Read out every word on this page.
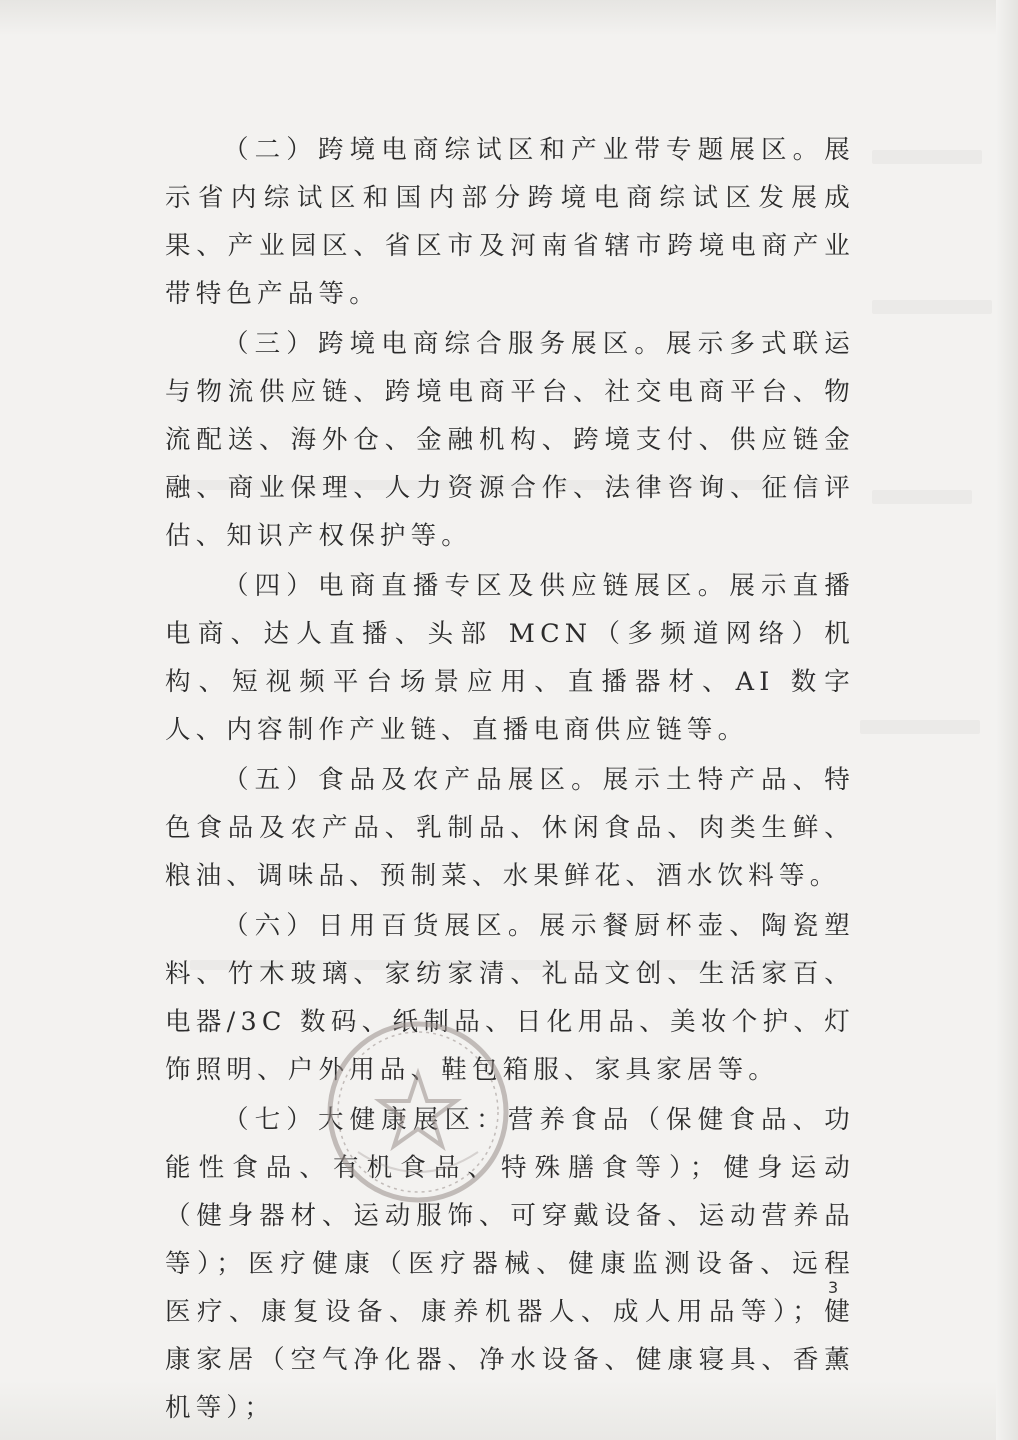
（二）跨境电商综试区和产业带专题展区。展示省内综试区和国内部分跨境电商综试区发展成果、产业园区、省区市及河南省辖市跨境电商产业带特色产品等。

（三）跨境电商综合服务展区。展示多式联运与物流供应链、跨境电商平台、社交电商平台、物流配送、海外仓、金融机构、跨境支付、供应链金融、商业保理、人力资源合作、法律咨询、征信评估、知识产权保护等。

（四）电商直播专区及供应链展区。展示直播电商、达人直播、头部 MCN（多频道网络）机构、短视频平台场景应用、直播器材、AI 数字人、内容制作产业链、直播电商供应链等。

（五）食品及农产品展区。展示土特产品、特色食品及农产品、乳制品、休闲食品、肉类生鲜、粮油、调味品、预制菜、水果鲜花、酒水饮料等。

（六）日用百货展区。展示餐厨杯壶、陶瓷塑料、竹木玻璃、家纺家清、礼品文创、生活家百、电器/3C 数码、纸制品、日化用品、美妆个护、灯饰照明、户外用品、鞋包箱服、家具家居等。

（七）大健康展区：营养食品（保健食品、功能性食品、有机食品、特殊膳食等）；健身运动（健身器材、运动服饰、可穿戴设备、运动营养品等）；医疗健康（医疗器械、健康监测设备、远程医疗、康复设备、康养机器人、成人用品等）；健康家居（空气净化器、净水设备、健康寝具、香薰机等）；

3
